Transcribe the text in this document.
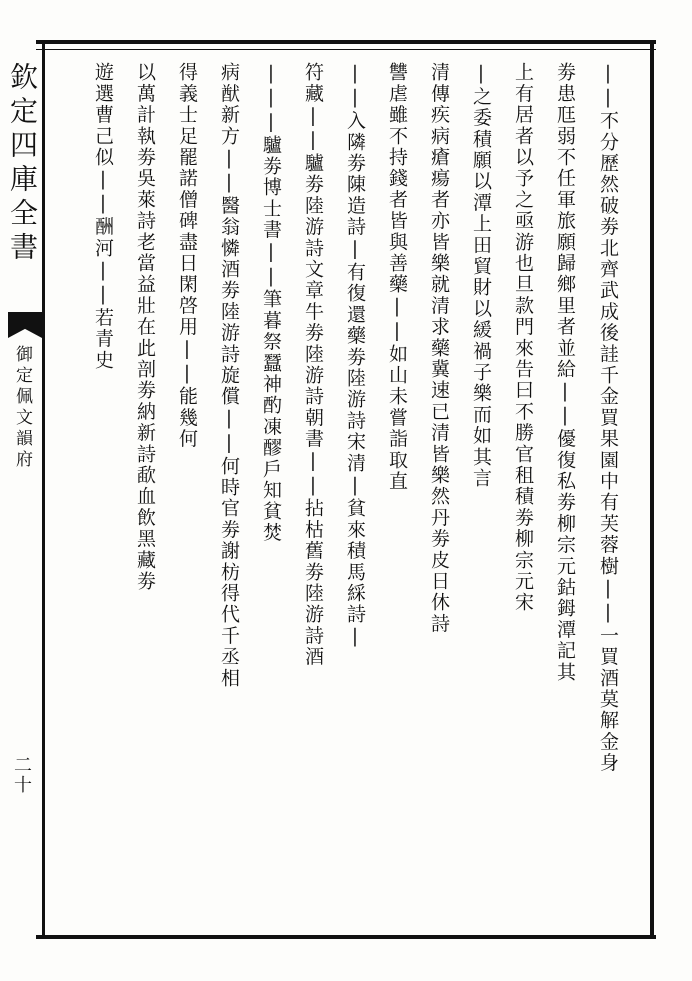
欽定四庫全書
御定佩文韻府
二十
||不分歷然破劵北齊武成後詿千金買果園中有芙蓉樹||一買酒莫解金身
劵患尫弱不任軍旅願歸鄉里者並給||優復私劵柳宗元鈷鉧潭記其
上有居者以予之亟游也旦款門來告曰不勝官租積劵柳宗元宋
|之委積願以潭上田貿財以緩禍子樂而如其言
清傳疾病瘡瘍者亦皆樂就清求藥冀速已清皆樂然丹劵皮日休詩
讐虐雖不持錢者皆與善藥||如山未嘗詣取直
||入隣劵陳造詩|有復還藥劵陸游詩宋清|貧來積馬綵詩|
符藏||驢劵陸游詩文章牛劵陸游詩朝書||拈枯舊劵陸游詩酒
|||驢劵博士書||筆暮祭蠶神酌凍醪戶知貧焚
病猷新方||醫翁憐酒劵陸游詩旋償||何時官劵謝枋得代千丞相
得義士足罷諾僧碑盡日閑啓用||能幾何
以萬計執劵吳萊詩老當益壯在此剖劵納新詩歃血飲黑藏劵
遊選曹己似||酬河||若青史
